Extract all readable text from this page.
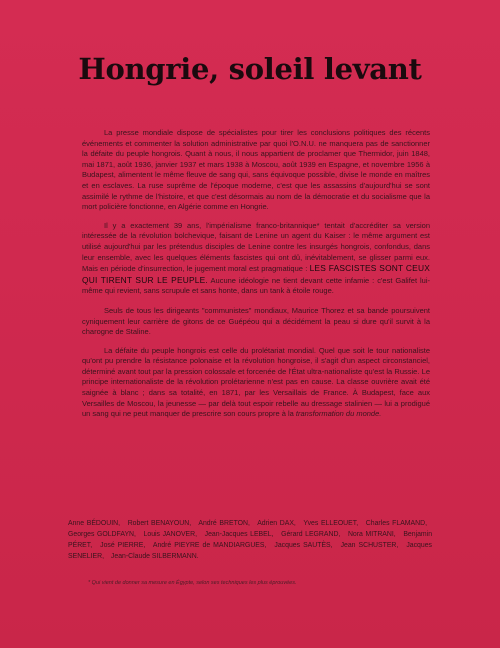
Hongrie, soleil levant

La presse mondiale dispose de spécialistes pour tirer les conclusions politiques des récents événements et commenter la solution administrative par quoi l'O.N.U. ne manquera pas de sanctionner la défaite du peuple hongrois. Quant à nous, il nous appartient de proclamer que Thermidor, juin 1848, mai 1871, août 1936, janvier 1937 et mars 1938 à Moscou, août 1939 en Espagne, et novembre 1956 à Budapest, alimentent le même fleuve de sang qui, sans équivoque possible, divise le monde en maîtres et en esclaves. La ruse suprême de l'époque moderne, c'est que les assassins d'aujourd'hui se sont assimilé le rythme de l'histoire, et que c'est désormais au nom de la démocratie et du socialisme que la mort policière fonctionne, en Algérie comme en Hongrie.

Il y a exactement 39 ans, l'impérialisme franco-britannique* tentait d'accréditer sa version intéressée de la révolution bolchevique, faisant de Lenine un agent du Kaiser : le même argument est utilisé aujourd'hui par les prétendus disciples de Lenine contre les insurgés hongrois, confondus, dans leur ensemble, avec les quelques éléments fascistes qui ont dû, inévitablement, se glisser parmi eux. Mais en période d'insurrection, le jugement moral est pragmatique : LES FASCISTES SONT CEUX QUI TIRENT SUR LE PEUPLE. Aucune idéologie ne tient devant cette infamie : c'est Galifet lui-même qui revient, sans scrupule et sans honte, dans un tank à étoile rouge.

Seuls de tous les dirigeants "communistes" mondiaux, Maurice Thorez et sa bande poursuivent cyniquement leur carrière de gitons de ce Guépéou qui a décidément la peau si dure qu'il survit à la charogne de Staline.

La défaite du peuple hongrois est celle du prolétariat mondial. Quel que soit le tour nationaliste qu'ont pu prendre la résistance polonaise et la révolution hongroise, il s'agit d'un aspect circonstanciel, déterminé avant tout par la pression colossale et forcenée de l'État ultra-nationaliste qu'est la Russie. Le principe internationaliste de la révolution prolétarienne n'est pas en cause. La classe ouvrière avait été saignée à blanc ; dans sa totalité, en 1871, par les Versaillais de France. À Budapest, face aux Versailles de Moscou, la jeunesse — par delà tout espoir rebelle au dressage stalinien — lui a prodigué un sang qui ne peut manquer de prescrire son cours propre à la transformation du monde.

Anne BÉDOUIN, Robert BENAYOUN, André BRETON, Adrien DAX, Yves ELLEOUET, Charles FLAMAND, Georges GOLDFAYN, Louis JANOVER, Jean-Jacques LEBEL, Gérard LEGRAND, Nora MITRANI, Benjamin PÉRET, José PIERRE, André PIEYRE de MANDIARGUES, Jacques SAUTÈS, Jean SCHUSTER, Jacques SENELIER, Jean-Claude SILBERMANN.
* Qui vient de donner sa mesure en Égypte, selon ses techniques les plus éprouvées.
